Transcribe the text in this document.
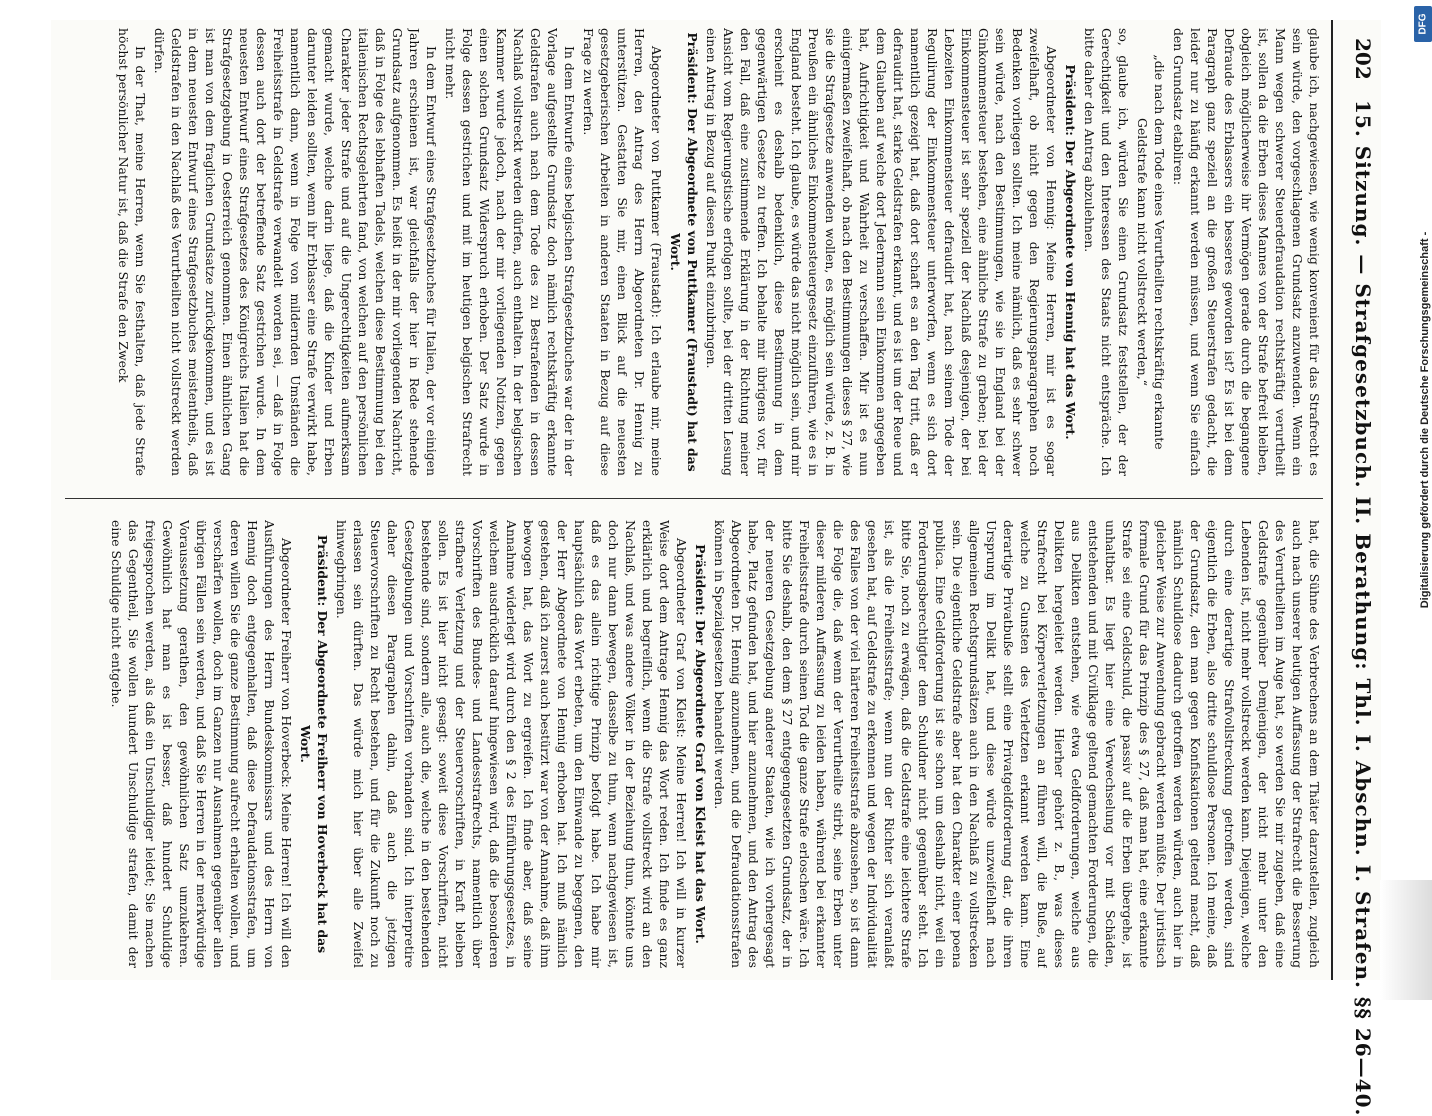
202
15. Sitzung. — Strafgesetzbuch. II. Berathung: Thl. I. Abschn. I. Strafen. §§ 26—40.

glaube ich, nachgewiesen, wie wenig konvenient für das Strafrecht es sein würde, den vorgeschlagenen Grundsatz anzuwenden. Wenn ein Mann wegen schwerer Steuerdefraudation rechtskräftig verurtheilt ist, sollen da die Erben dieses Mannes von der Strafe befreit bleiben, obgleich möglicherweise ihr Vermögen gerade durch die begangene Defraude des Erblassers ein besseres geworden ist? Es ist bei dem Paragraph ganz speziell an die großen Steuerstrafen gedacht, die leider nur zu häufig erkannt werden müssen, und wenn Sie einfach den Grundsatz etabliren:

„die nach dem Tode eines Verurtheilten rechtskräftig erkannte Geldstrafe kann nicht vollstreckt werden,“

so, glaube ich, würden Sie einen Grundsatz feststellen, der der Gerechtigkeit und den Interessen des Staats nicht entspräche. Ich bitte daher den Antrag abzulehnen.

Präsident: Der Abgeordnete von Hennig hat das Wort.

Abgeordneter von Hennig: Meine Herren, mir ist es sogar zweifelhaft, ob nicht gegen den Regierungsparagraphen noch Bedenken vorliegen sollten. Ich meine nämlich, daß es sehr schwer sein würde, nach den Bestimmungen, wie sie in England bei der Ginkommensteuer bestehen, eine ähnliche Strafe zu graben; bei der Einkommensteuer ist sehr speziell der Nachlaß desjenigen, der bei Lebzeiten Einkommensteuer defraudirt hat, nach seinem Tode der Regulirung der Einkommensteuer unterworfen, wenn es sich dort namentlich gezeigt hat, daß dort schaft es an den Tag tritt, daß er defraudirt hat, starke Geldstrafen erkannt, und es ist um der Reue und dem Glauben auf welche dort Jedermann sein Einkommen angegeben hat, Aufrichtigkeit und Wahrheit zu verschaffen. Mir ist es nun einigermaßen zweifelhaft, ob nach den Bestimmungen dieses § 27, wie sie die Strafgesetze anwenden wollen, es möglich sein würde, z. B. in Preußen ein ähnliches Einkommensteuergesetz einzuführen, wie es in England besteht. Ich glaube, es würde das nicht möglich sein, und mir erscheint es deshalb bedenklich, diese Bestimmung in dem gegenwärtigen Gesetze zu treffen. Ich behalte mir übrigens vor, für den Fall, daß eine zustimmende Erklärung in der Richtung meiner Ansicht vom Regierungstische erfolgen sollte, bei der dritten Lesung einen Antrag in Bezug auf diesen Punkt einzubringen.

Präsident: Der Abgeordnete von Puttkamer (Fraustadt) hat das Wort.

Abgeordneter von Puttkamer (Fraustadt): Ich erlaube mir, meine Herren, den Antrag des Herrn Abgeordneten Dr. Hennig zu unterstützen. Gestatten Sie mir, einen Blick auf die neuesten gesetzgeberischen Arbeiten in anderen Staaten in Bezug auf diese Frage zu werfen.

In dem Entwurfe eines belgischen Strafgesetzbuches war der in der Vorlage aufgestellte Grundsatz doch nämlich rechtskräftig erkannte Geldstrafen auch nach dem Tode des zu Bestrafenden in dessen Nachlaß vollstreckt werden dürfen, auch enthalten. In der belgischen Kammer wurde jedoch, nach der mir vorliegenden Notizen, gegen einen solchen Grundsatz Widerspruch erhoben. Der Satz wurde in Folge dessen gestrichen und mit im heutigen belgischen Strafrecht nicht mehr.

In dem Entwurf eines Strafgesetzbuches für Italien, der vor einigen Jahren erschienen ist, war gleichfalls der hier in Rede stehende Grundsatz aufgenommen. Es heißt in der mir vorliegenden Nachricht, daß in Folge des lebhaften Tadels, welchen diese Bestimmung bei den italienischen Rechtsgelehrten fand, von welchen auf den persönlichen Charakter jeder Strafe und auf die Ungerechtigkeiten aufmerksam gemacht wurde, welche darin liege, daß die Kinder und Erben darunter leiden sollten, wenn ihr Erblasser eine Strafe verwirkt habe, namentlich dann, wenn in Folge von mildernden Umständen die Freiheitsstrafe in Geldstrafe verwandelt worden sei, — daß in Folge dessen auch dort der betreffende Satz gestrichen wurde. In dem neuesten Entwurf eines Strafgesetzes des Königreichs Italien hat die Strafgesetzgebung in Oesterreich genommen. Einen ähnlichen Gang ist man von dem fraglichen Grundsatze zurückgekommen, und es ist in dem neuesten Entwurf eines Strafgesetzbuches meistentheils, daß Geldstrafen in den Nachlaß des Verurtheilten nicht vollstreckt werden dürfen.

In der That, meine Herren, wenn Sie festhalten, daß jede Strafe höchst persönlicher Natur ist, daß die Strafe den Zweck

hat, die Sühne des Verbrechens an dem Thäter darzustellen, zugleich auch nach unserer heutigen Auffassung der Strafrecht die Besserung des Verurtheilten im Auge hat, so werden Sie mir zugeben, daß eine Geldstrafe gegenüber Demjenigen, der nicht mehr unter den Lebenden ist, nicht mehr vollstreckt werden kann. Diejenigen, welche durch eine derartige Strafvollstreckung getroffen werden, sind eigentlich die Erben, also dritte schuldlose Personen. Ich meine, daß der Grundsatz, den man gegen Konfiskationen geltend macht, daß nämlich Schuldlose dadurch getroffen werden würden, auch hier in gleicher Weise zur Anwendung gebracht werden müßte. Der juristisch formale Grund für das Prinzip des § 27, daß man hat, eine erkannte Strafe sei eine Geldschuld, die passiv auf die Erben übergehe, ist unhaltbar. Es liegt hier eine Verwechselung vor mit Schäden, entstehenden und mit Civilklage geltend gemachten Forderungen, die aus Delikten entstehen, wie etwa Geldforderungen, welche aus Delikten hergeleitet werden. Hierher gehört z. B., was dieses Strafrecht bei Körperverletzungen an führen will, die Buße, auf welche zu Gunsten des Verletzten erkannt werden kann. Eine derartige Privatbuße stellt eine Privatgeldforderung dar, die ihren Ursprung im Delikt hat, und diese würde unzweifelhaft nach allgemeinen Rechtsgrundsätzen auch in den Nachlaß zu vollstrecken sein. Die eigentliche Geldstrafe aber hat den Charakter einer poena publica. Eine Geldforderung ist sie schon um deshalb nicht, weil ein Forderungsberechtigter dem Schuldner nicht gegenüber steht. Ich bitte Sie, noch zu erwägen, daß die Geldstrafe eine leichtere Strafe ist, als die Freiheitsstrafe; wenn nun der Richter sich veranlaßt gesehen hat, auf Geldstrafe zu erkennen und wegen der Individualität des Falles von der viel härteren Freiheitsstrafe abzusehen, so ist dann die Folge die, daß wenn der Verurtheilte stirbt, seine Erben unter dieser milderen Auffassung zu leiden haben, während bei erkannter Freiheitsstrafe durch seinen Tod die ganze Strafe erloschen wäre. Ich bitte Sie deshalb, den dem § 27 entgegengesetzten Grundsatz, der in der neueren Gesetzgebung anderer Staaten, wie ich vorhergesagt habe, Platz gefunden hat, und hier anzunehmen, und den Antrag des Abgeordneten Dr. Hennig anzunehmen, und die Defraudationsstrafen können in Spezialgesetzen behandelt werden.

Präsident: Der Abgeordnete Graf von Kleist hat das Wort.

Abgeordneter Graf von Kleist: Meine Herren! Ich will in kurzer Weise dort dem Antrage Hennig das Wort reden. Ich finde es ganz erklärlich und begreiflich, wenn die Strafe vollstreckt wird an den Nachlaß, und was andere Völker in der Beziehung thun, könnte uns doch nur dann bewegen, dasselbe zu thun, wenn nachgewiesen ist, daß es das allein richtige Prinzip befolgt habe. Ich habe mir hauptsächlich das Wort erbeten, um den Einwande zu begegnen, den der Herr Abgeordnete von Hennig erhoben hat. Ich muß nämlich gestehen, daß ich zuerst auch bestürzt war von der Annahme, daß ihm bewogen hat, das Wort zu ergreifen. Ich finde aber, daß seine Annahme widerlegt wird durch den § 2 des Einführungsgesetzes, in welchem ausdrücklich darauf hingewiesen wird, daß die besonderen Vorschriften des Bundes- und Landesstrafrechts, namentlich über strafbare Verletzung und der Steuervorschriften, in Kraft bleiben sollen. Es ist hier nicht gesagt: soweit diese Vorschriften, nicht bestehende sind, sondern alle, auch die, welche in den bestehenden Gesetzgebungen und Vorschriften vorhanden sind. Ich interpretire daher diesen Paragraphen dahin, daß auch die jetzigen Steuervorschriften zu Recht bestehen, und für die Zukunft noch zu erlassen sein dürften. Das würde mich hier über alle Zweifel hinwegbringen.

Präsident: Der Abgeordnete Freiherr von Hoverbeck hat das Wort.

Abgeordneter Freiherr von Hoverbeck: Meine Herren! Ich will den Ausführungen des Herrn Bundeskommissars und des Herrn von Hennig doch entgegenhalten, daß diese Defraudationsstrafen, um deren willen Sie die ganze Bestimmung aufrecht erhalten wollen, und verschärfen wollen, doch im Ganzen nur Ausnahmen gegenüber allen übrigen Fällen sein werden, und daß Sie Herren in der merkwürdige Voraussetzung gerathen, den gewöhnlichen Satz umzukehren. Gewöhnlich hat man es ist besser, daß hundert Schuldige freigesprochen werden, als daß ein Unschuldiger leidet; Sie machen das Gegentheil, Sie wollen hundert Unschuldige strafen, damit der eine Schuldige nicht entgehe.

DFG
Digitalisierung gefördert durch die Deutsche Forschungsgemeinschaft -
